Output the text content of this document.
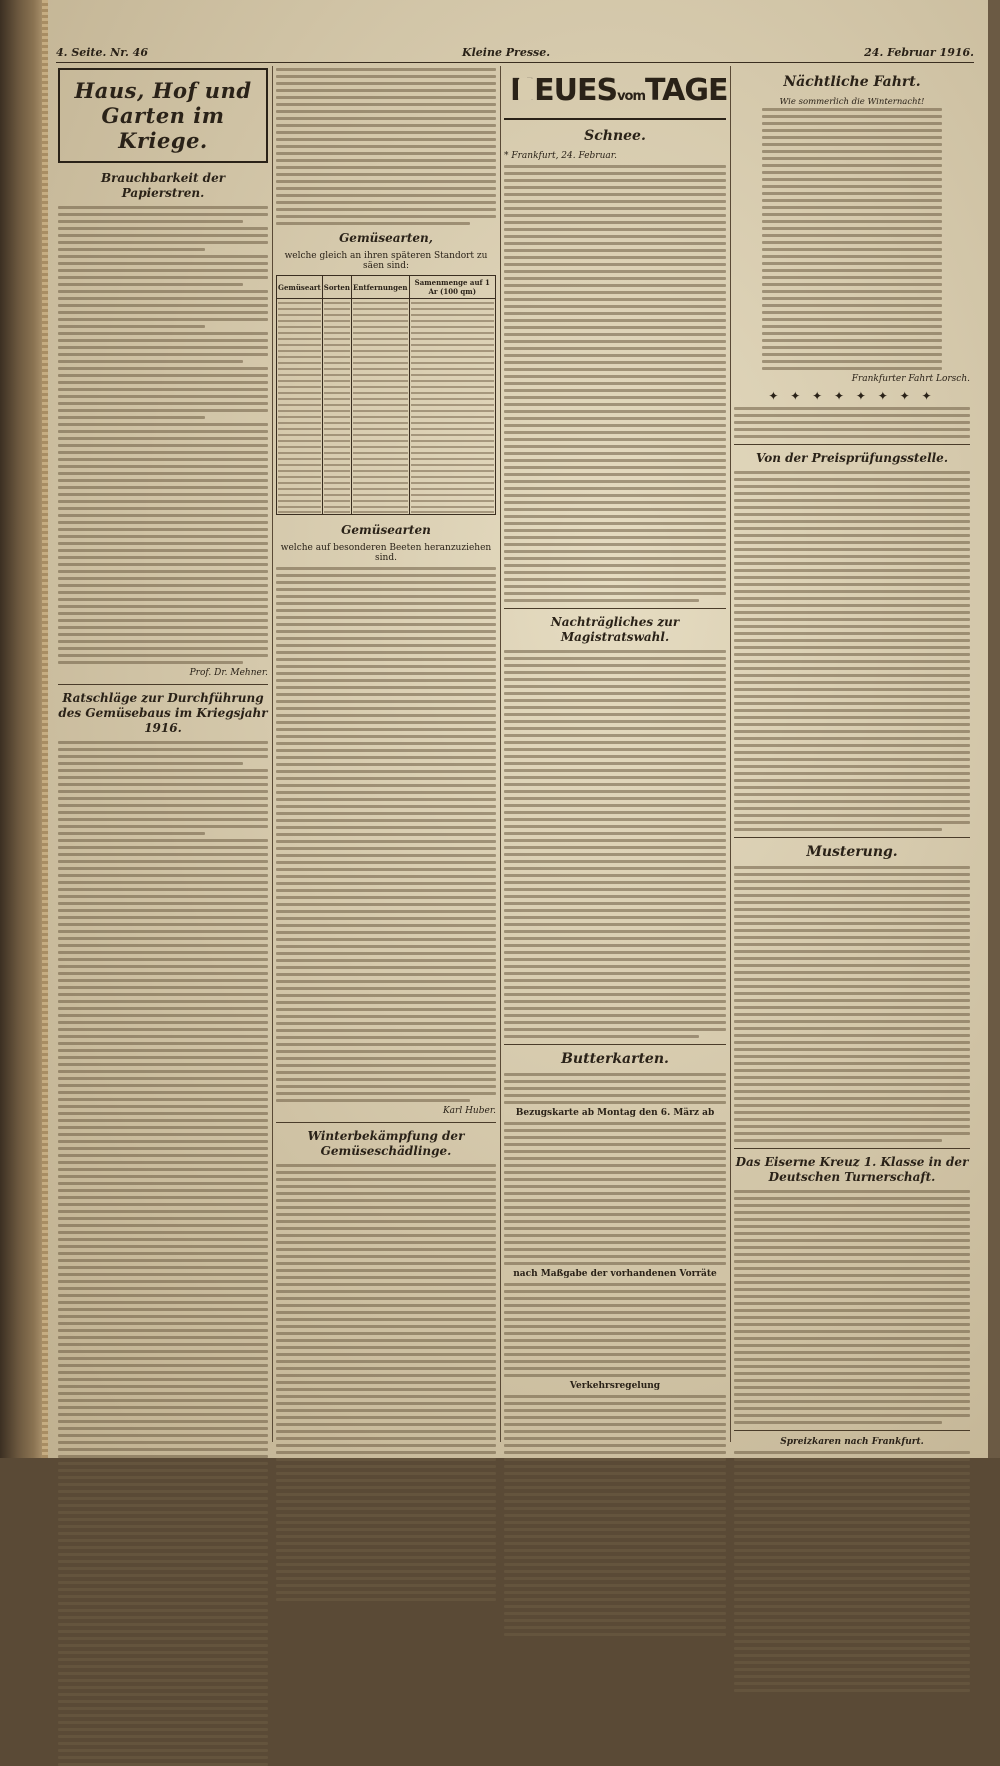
4. Seite. Nr. 46	Kleine Presse.	24. Februar 1916.
Haus, Hof und Garten im Kriege.
Brauchbarkeit der Papierstren.
Prof. Dr. Mehner.
Ratschläge zur Durchführung des Gemüsebaus im Kriegsjahr 1916.
Gemüsearten,

welche gleich an ihren späteren Standort zu säen sind:

Gemüseart	Sorten	Entfernungen	Samenmenge auf 1 Ar (100 qm)

Gemüsearten

welche auf besonderen Beeten heranzuziehen sind.

Karl Huber.
Winterbekämpfung der Gemüseschädlinge.
NEUESvomTAGE
Schnee.
* Frankfurt, 24. Februar.
Nachträgliches zur Magistratswahl.
Butterkarten.

Bezugskarte ab Montag den 6. März ab

nach Maßgabe der vorhandenen Vorräte

Verkehrsregelung

Nächtliche Fahrt.

Wie sommerlich die Winternacht!

Frankfurter Fahrt Lorsch.
✦ ✦ ✦ ✦ ✦ ✦ ✦ ✦
Von der Preisprüfungsstelle.
Musterung.
Das Eiserne Kreuz 1. Klasse in der Deutschen Turnerschaft.

Spreizkaren nach Frankfurt.
